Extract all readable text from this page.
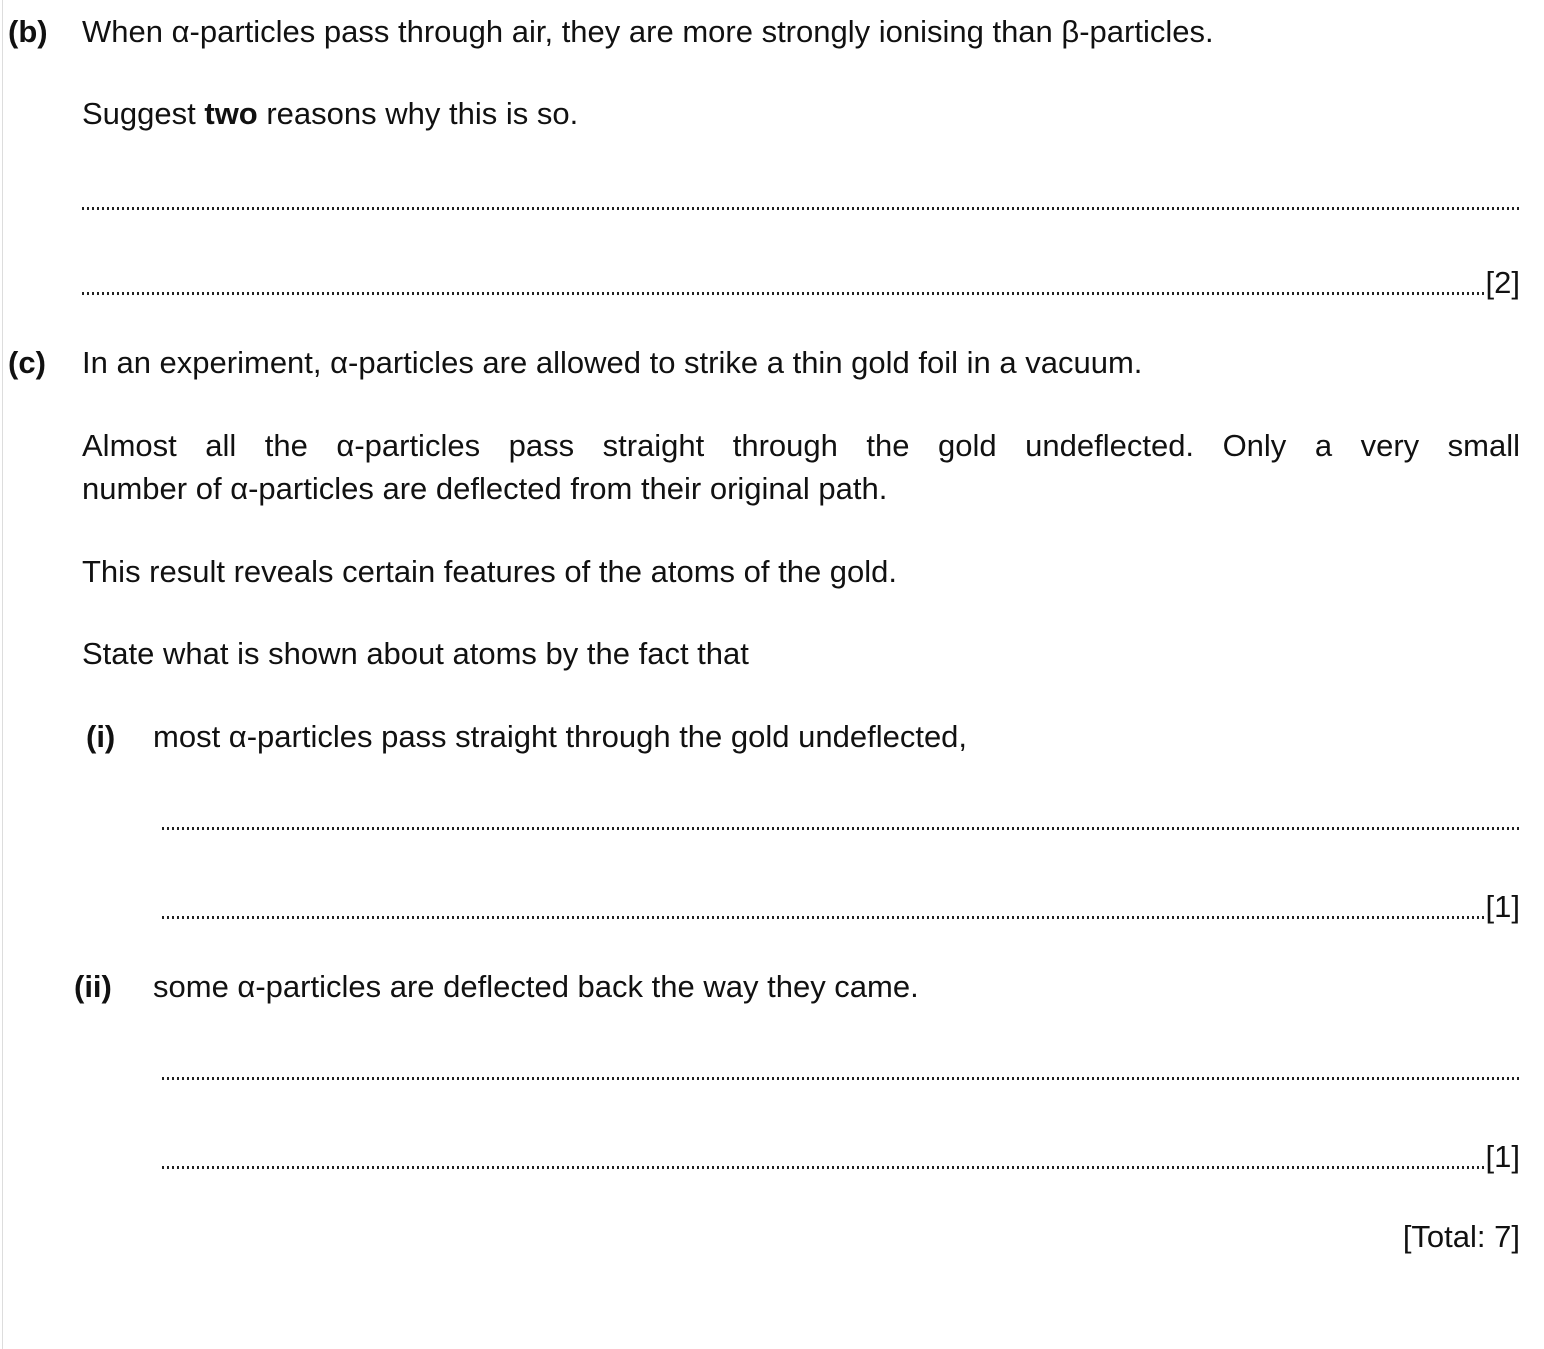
(b) When α-particles pass through air, they are more strongly ionising than β-particles.
Suggest two reasons why this is so.
[2]
(c) In an experiment, α-particles are allowed to strike a thin gold foil in a vacuum.
Almost all the α-particles pass straight through the gold undeflected. Only a very small
number of α-particles are deflected from their original path.
This result reveals certain features of the atoms of the gold.
State what is shown about atoms by the fact that
(i) most α-particles pass straight through the gold undeflected,
[1]
(ii) some α-particles are deflected back the way they came.
[1]
[Total: 7]
